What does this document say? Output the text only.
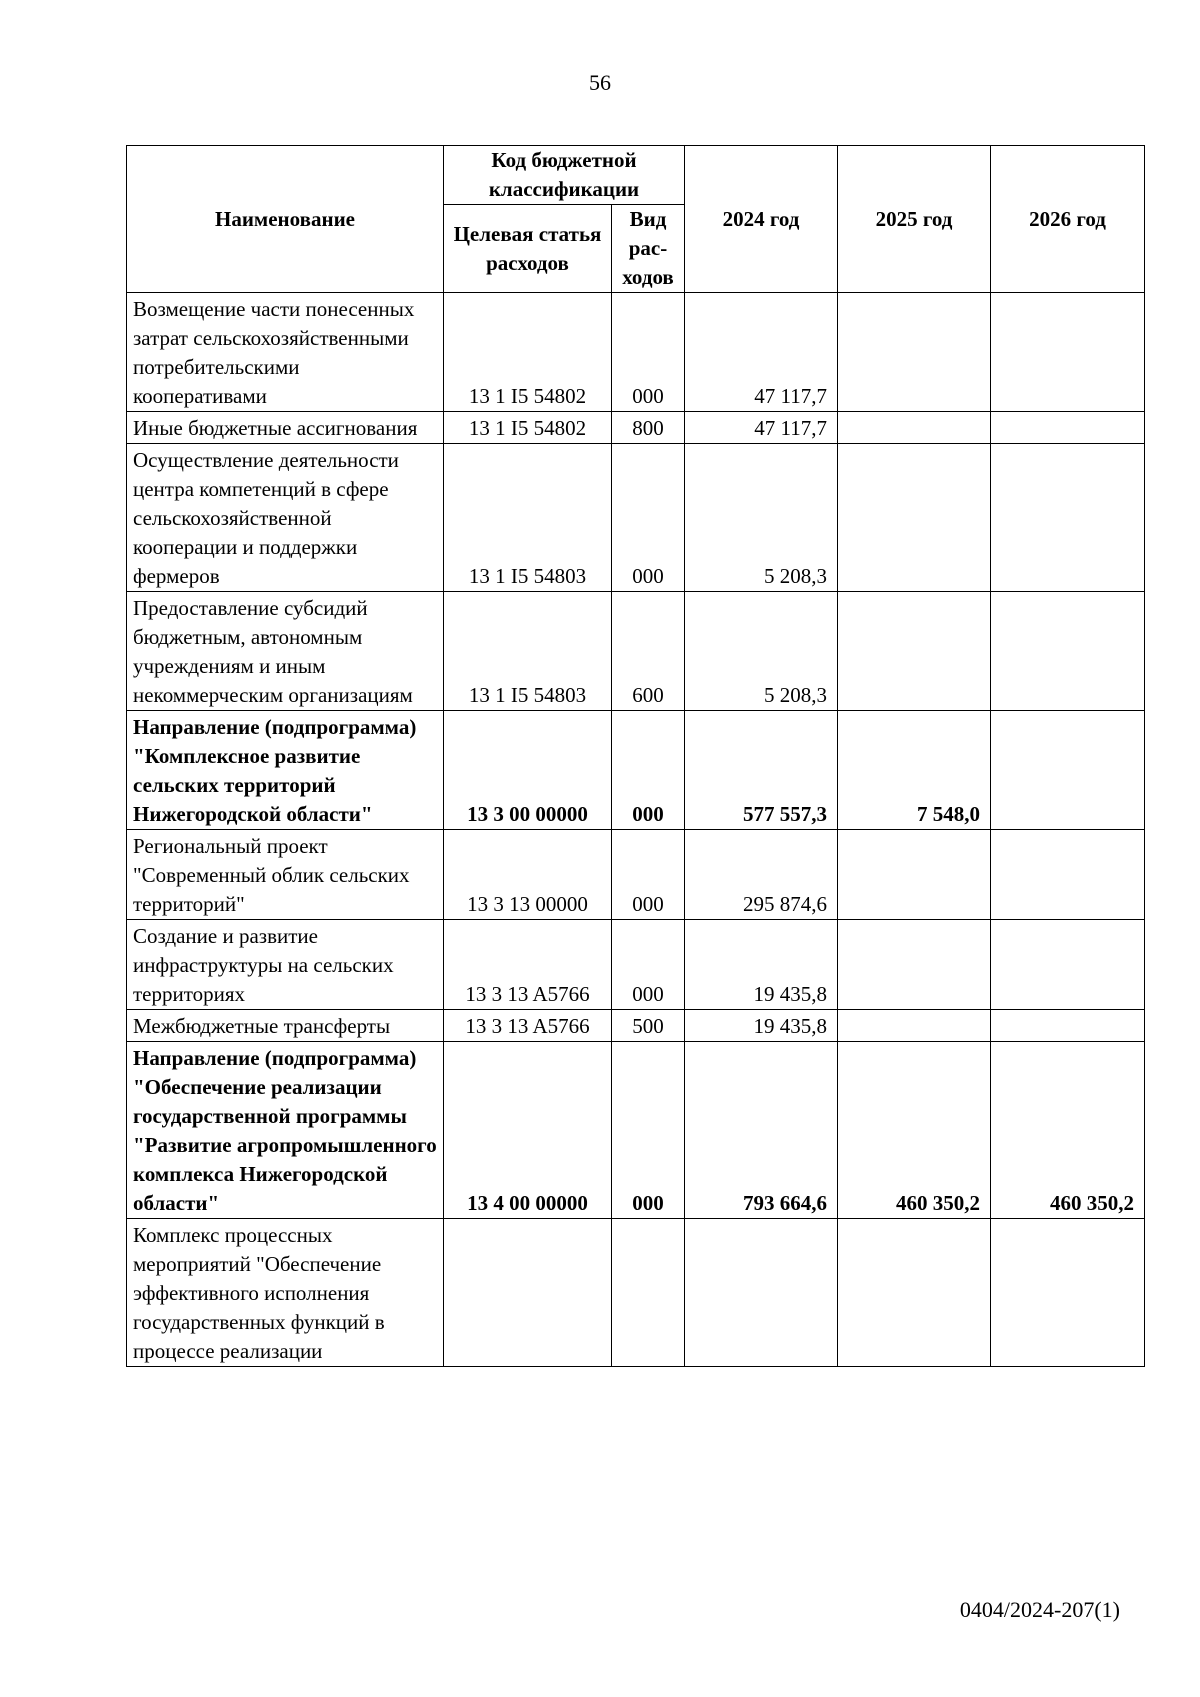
56
Наименование	Код бюджетной классификации		2024 год	2025 год	2026 год
	Целевая статья расходов	Вид рас-ходов			
Возмещение части понесенных затрат сельскохозяйственными потребительскими кооперативами	13 1 I5 54802	000	47 117,7		
Иные бюджетные ассигнования	13 1 I5 54802	800	47 117,7		
Осуществление деятельности центра компетенций в сфере сельскохозяйственной кооперации и поддержки фермеров	13 1 I5 54803	000	5 208,3		
Предоставление субсидий бюджетным, автономным учреждениям и иным некоммерческим организациям	13 1 I5 54803	600	5 208,3		
Направление (подпрограмма) "Комплексное развитие сельских территорий Нижегородской области"	13 3 00 00000	000	577 557,3	7 548,0	
Региональный проект "Современный облик сельских территорий"	13 3 13 00000	000	295 874,6		
Создание и развитие инфраструктуры на сельских территориях	13 3 13 A5766	000	19 435,8		
Межбюджетные трансферты	13 3 13 A5766	500	19 435,8		
Направление (подпрограмма) "Обеспечение реализации государственной программы "Развитие агропромышленного комплекса Нижегородской области"	13 4 00 00000	000	793 664,6	460 350,2	460 350,2
Комплекс процессных мероприятий "Обеспечение эффективного исполнения государственных функций в процессе реализации					
0404/2024-207(1)
